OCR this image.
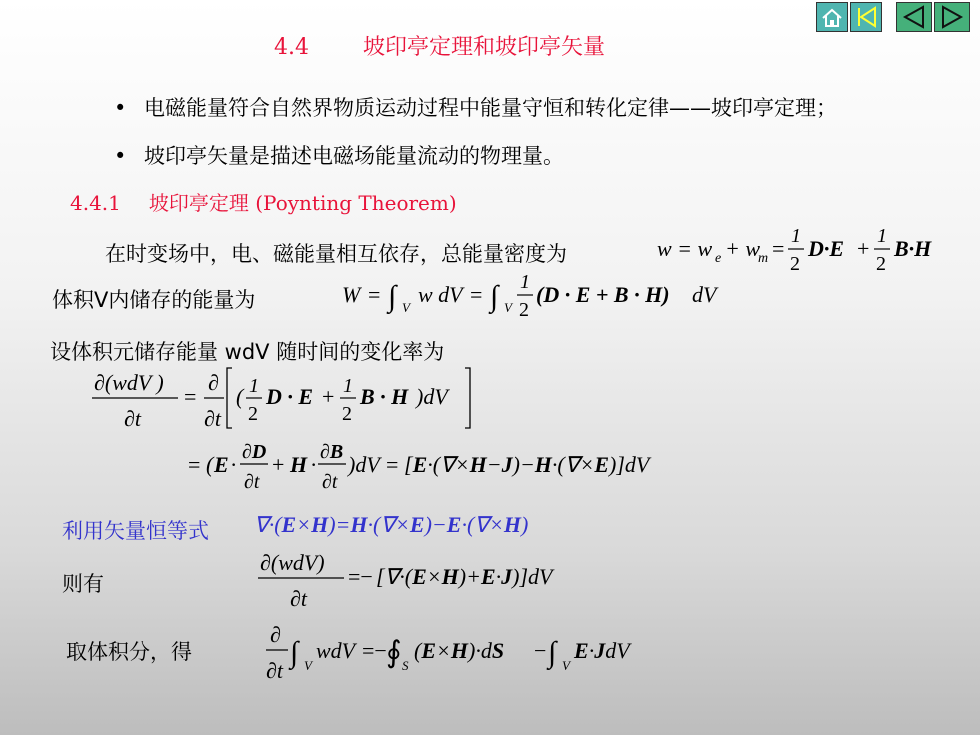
4.4 坡印亭定理和坡印亭矢量
• 电磁能量符合自然界物质运动过程中能量守恒和转化定律——坡印亭定理；
• 坡印亭矢量是描述电磁场能量流动的物理量。
4.4.1 坡印亭定理 (Poynting Theorem)
在时变场中，电、磁能量相互依存，总能量密度为	w = w e + w
m = 1
2
D·E + 1
2
B·H
体积V内储存的能量为	W = ∫ V
w dV = ∫ V
1
2
(D · E + B · H) dV
设体积元储存能量 wdV 随时间的变化率为
∂(wdV )
∂t
=
∂
∂t
( 1
2
D · E + 1
2
B · H )dV
= ( E · ∂D
∂t
+ H · ∂B
∂t
)dV = [E·(∇×H−J)−H·(∇×E)]dV
利用矢量恒等式 ∇·(E×H)=H·(∇×E)−E·(∇×H)
则有
∂(wdV)
∂t
=− [∇·(E×H)+E·J)]dV
取体积分，得
∂
∂t
∫ V
wdV =− ∮ S
(E×H)·dS − ∫ V
E·JdV
